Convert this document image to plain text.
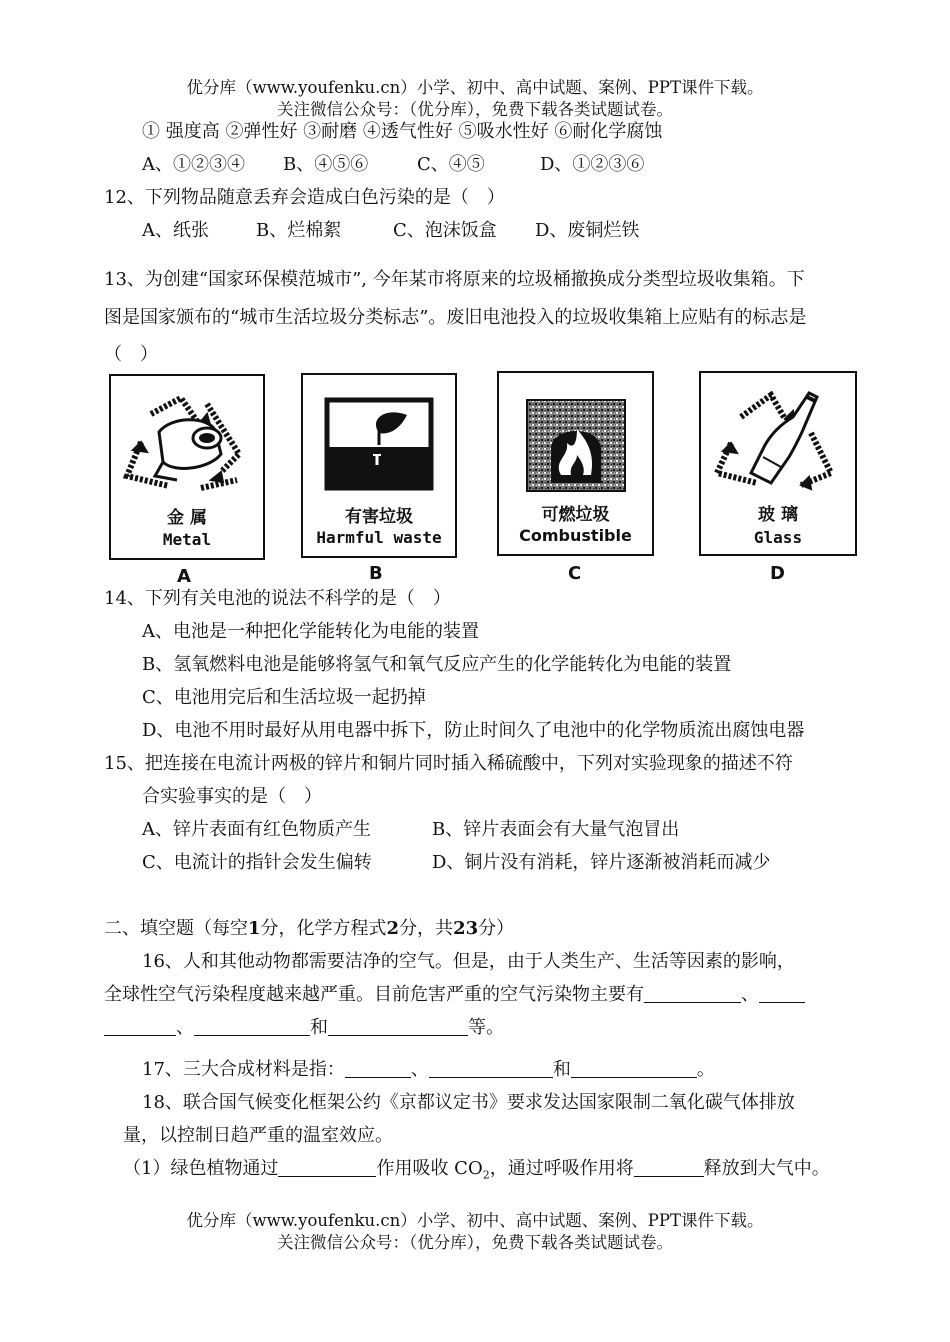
优分库（www.youfenku.cn）小学、初中、高中试题、案例、PPT课件下载。
关注微信公众号：（优分库），免费下载各类试题试卷。
① 强度高 ②弹性好 ③耐磨 ④透气性好 ⑤吸水性好 ⑥耐化学腐蚀
A、①②③④ B、④⑤⑥	C、④⑤	D、①②③⑥
12、下列物品随意丢弃会造成白色污染的是（　）
A、纸张	B、烂棉絮	C、泡沫饭盒 D、废铜烂铁
13、为创建“国家环保模范城市”, 今年某市将原来的垃圾桶撤换成分类型垃圾收集箱。下
图是国家颁布的“城市生活垃圾分类标志”。废旧电池投入的垃圾收集箱上应贴有的标志是
（　）
金 属
Metal
A
有害垃圾
Harmful waste
B
可燃垃圾
Combustible
C
玻 璃
Glass
D
14、下列有关电池的说法不科学的是（　）
A、电池是一种把化学能转化为电能的装置
B、氢氧燃料电池是能够将氢气和氧气反应产生的化学能转化为电能的装置
C、电池用完后和生活垃圾一起扔掉
D、电池不用时最好从用电器中拆下，防止时间久了电池中的化学物质流出腐蚀电器
15、把连接在电流计两极的锌片和铜片同时插入稀硫酸中，下列对实验现象的描述不符
合实验事实的是（　）
A、锌片表面有红色物质产生	B、锌片表面会有大量气泡冒出
C、电流计的指针会发生偏转	D、铜片没有消耗，锌片逐渐被消耗而减少
二、填空题（每空1分，化学方程式2分，共23分）
16、人和其他动物都需要洁净的空气。但是，由于人类生产、生活等因素的影响，
全球性空气污染程度越来越严重。目前危害严重的空气污染物主要有	、
、	和	等。
17、三大合成材料是指：	、	和	。
18、联合国气候变化框架公约《京都议定书》要求发达国家限制二氧化碳气体排放
量，以控制日趋严重的温室效应。
（1）绿色植物通过	作用吸收 $CO_2$，通过呼吸作用将	释放到大气中。
优分库（www.youfenku.cn）小学、初中、高中试题、案例、PPT课件下载。
关注微信公众号：（优分库），免费下载各类试题试卷。
